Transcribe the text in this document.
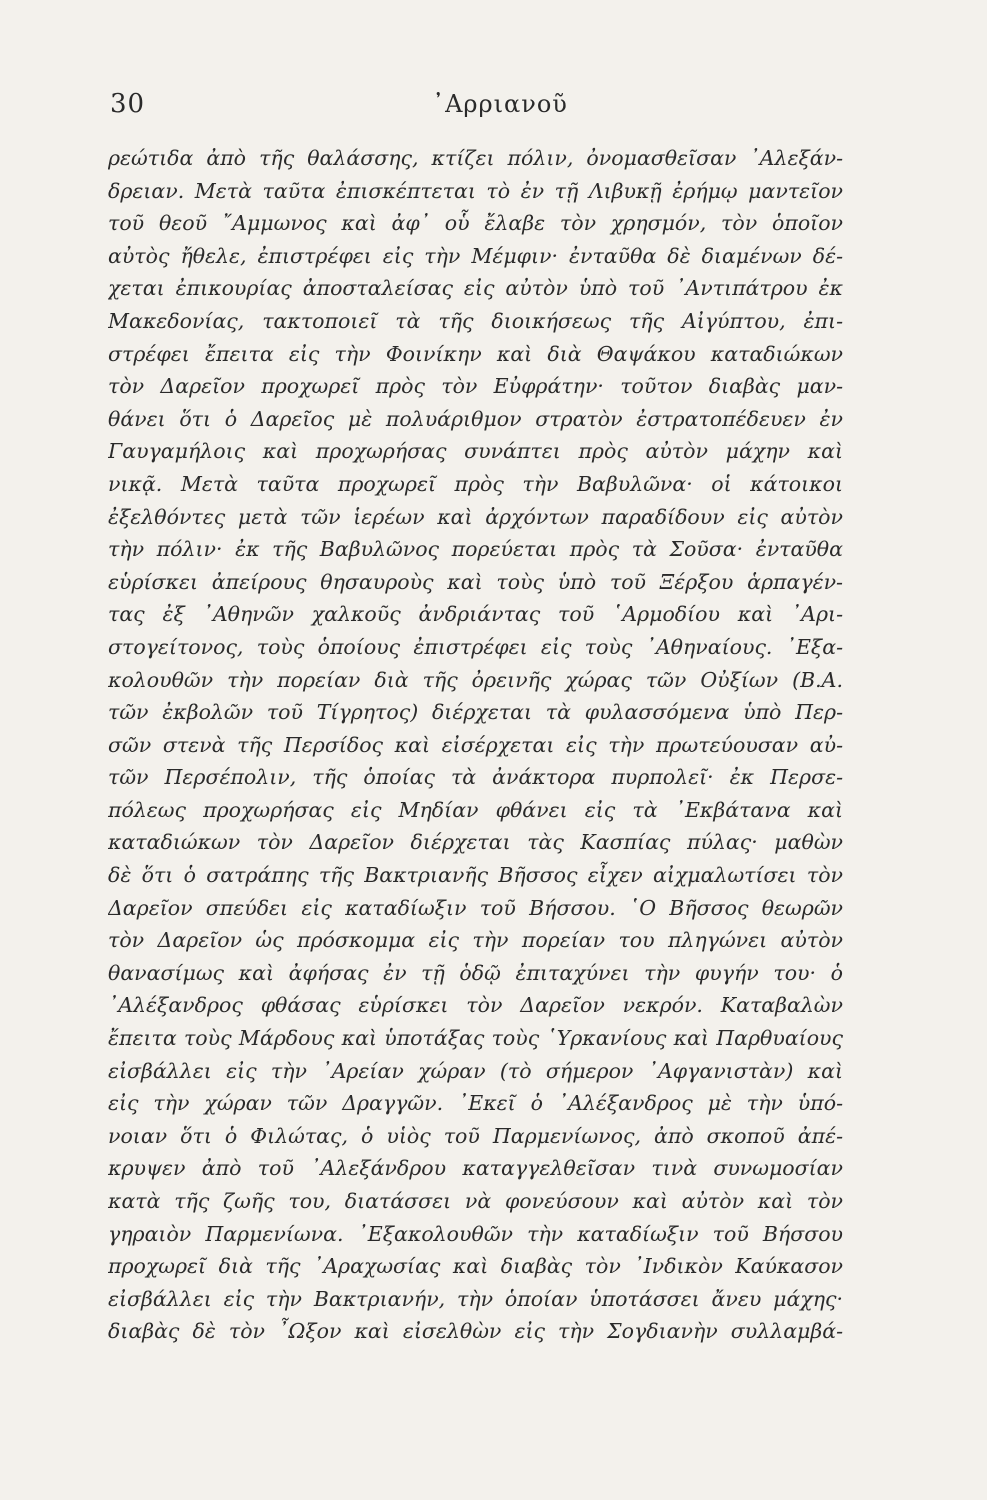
30	᾿Αρριανοῦ
ρεώτιδα ἀπὸ τῆς θαλάσσης, κτίζει πόλιν, ὀνομασθεῖσαν ᾿Αλεξάν-
δρειαν. Μετὰ ταῦτα ἐπισκέπτεται τὸ ἐν τῇ Λιβυκῇ ἐρήμῳ μαντεῖον
τοῦ θεοῦ ῎Αμμωνος καὶ ἀφ᾿ οὗ ἔλαβε τὸν χρησμόν, τὸν ὁποῖον
αὐτὸς ἤθελε, ἐπιστρέφει εἰς τὴν Μέμφιν· ἐνταῦθα δὲ διαμένων δέ-
χεται ἐπικουρίας ἀποσταλείσας εἰς αὐτὸν ὑπὸ τοῦ ᾿Αντιπάτρου ἐκ
Μακεδονίας, τακτοποιεῖ τὰ τῆς διοικήσεως τῆς Αἰγύπτου, ἐπι-
στρέφει ἔπειτα εἰς τὴν Φοινίκην καὶ διὰ Θαψάκου καταδιώκων
τὸν Δαρεῖον προχωρεῖ πρὸς τὸν Εὐφράτην· τοῦτον διαβὰς μαν-
θάνει ὅτι ὁ Δαρεῖος μὲ πολυάριθμον στρατὸν ἐστρατοπέδευεν ἐν
Γαυγαμήλοις καὶ προχωρήσας συνάπτει πρὸς αὐτὸν μάχην καὶ
νικᾷ. Μετὰ ταῦτα προχωρεῖ πρὸς τὴν Βαβυλῶνα· οἱ κάτοικοι
ἐξελθόντες μετὰ τῶν ἱερέων καὶ ἀρχόντων παραδίδουν εἰς αὐτὸν
τὴν πόλιν· ἐκ τῆς Βαβυλῶνος πορεύεται πρὸς τὰ Σοῦσα· ἐνταῦθα
εὑρίσκει ἀπείρους θησαυροὺς καὶ τοὺς ὑπὸ τοῦ Ξέρξου ἁρπαγέν-
τας ἐξ ᾿Αθηνῶν χαλκοῦς ἀνδριάντας τοῦ ῾Αρμοδίου καὶ ᾿Αρι-
στογείτονος, τοὺς ὁποίους ἐπιστρέφει εἰς τοὺς ᾿Αθηναίους. ᾿Εξα-
κολουθῶν τὴν πορείαν διὰ τῆς ὀρεινῆς χώρας τῶν Οὐξίων (Β.Α.
τῶν ἐκβολῶν τοῦ Τίγρητος) διέρχεται τὰ φυλασσόμενα ὑπὸ Περ-
σῶν στενὰ τῆς Περσίδος καὶ εἰσέρχεται εἰς τὴν πρωτεύουσαν αὐ-
τῶν Περσέπολιν, τῆς ὁποίας τὰ ἀνάκτορα πυρπολεῖ· ἐκ Περσε-
πόλεως προχωρήσας εἰς Μηδίαν φθάνει εἰς τὰ ᾿Εκβάτανα καὶ
καταδιώκων τὸν Δαρεῖον διέρχεται τὰς Κασπίας πύλας· μαθὼν
δὲ ὅτι ὁ σατράπης τῆς Βακτριανῆς Βῆσσος εἶχεν αἰχμαλωτίσει τὸν
Δαρεῖον σπεύδει εἰς καταδίωξιν τοῦ Βήσσου. ῾Ο Βῆσσος θεωρῶν
τὸν Δαρεῖον ὡς πρόσκομμα εἰς τὴν πορείαν του πληγώνει αὐτὸν
θανασίμως καὶ ἀφήσας ἐν τῇ ὁδῷ ἐπιταχύνει τὴν φυγήν του· ὁ
᾿Αλέξανδρος φθάσας εὑρίσκει τὸν Δαρεῖον νεκρόν. Καταβαλὼν
ἔπειτα τοὺς Μάρδους καὶ ὑποτάξας τοὺς ῾Υρκανίους καὶ Παρθυαίους
εἰσβάλλει εἰς τὴν ᾿Αρείαν χώραν (τὸ σήμερον ᾿Αφγανιστὰν) καὶ
εἰς τὴν χώραν τῶν Δραγγῶν. ᾿Εκεῖ ὁ ᾿Αλέξανδρος μὲ τὴν ὑπό-
νοιαν ὅτι ὁ Φιλώτας, ὁ υἱὸς τοῦ Παρμενίωνος, ἀπὸ σκοποῦ ἀπέ-
κρυψεν ἀπὸ τοῦ ᾿Αλεξάνδρου καταγγελθεῖσαν τινὰ συνωμοσίαν
κατὰ τῆς ζωῆς του, διατάσσει νὰ φονεύσουν καὶ αὐτὸν καὶ τὸν
γηραιὸν Παρμενίωνα. ᾿Εξακολουθῶν τὴν καταδίωξιν τοῦ Βήσσου
προχωρεῖ διὰ τῆς ᾿Αραχωσίας καὶ διαβὰς τὸν ᾿Ινδικὸν Καύκασον
εἰσβάλλει εἰς τὴν Βακτριανήν, τὴν ὁποίαν ὑποτάσσει ἄνευ μάχης·
διαβὰς δὲ τὸν ῏Ωξον καὶ εἰσελθὼν εἰς τὴν Σογδιανὴν συλλαμβά-
